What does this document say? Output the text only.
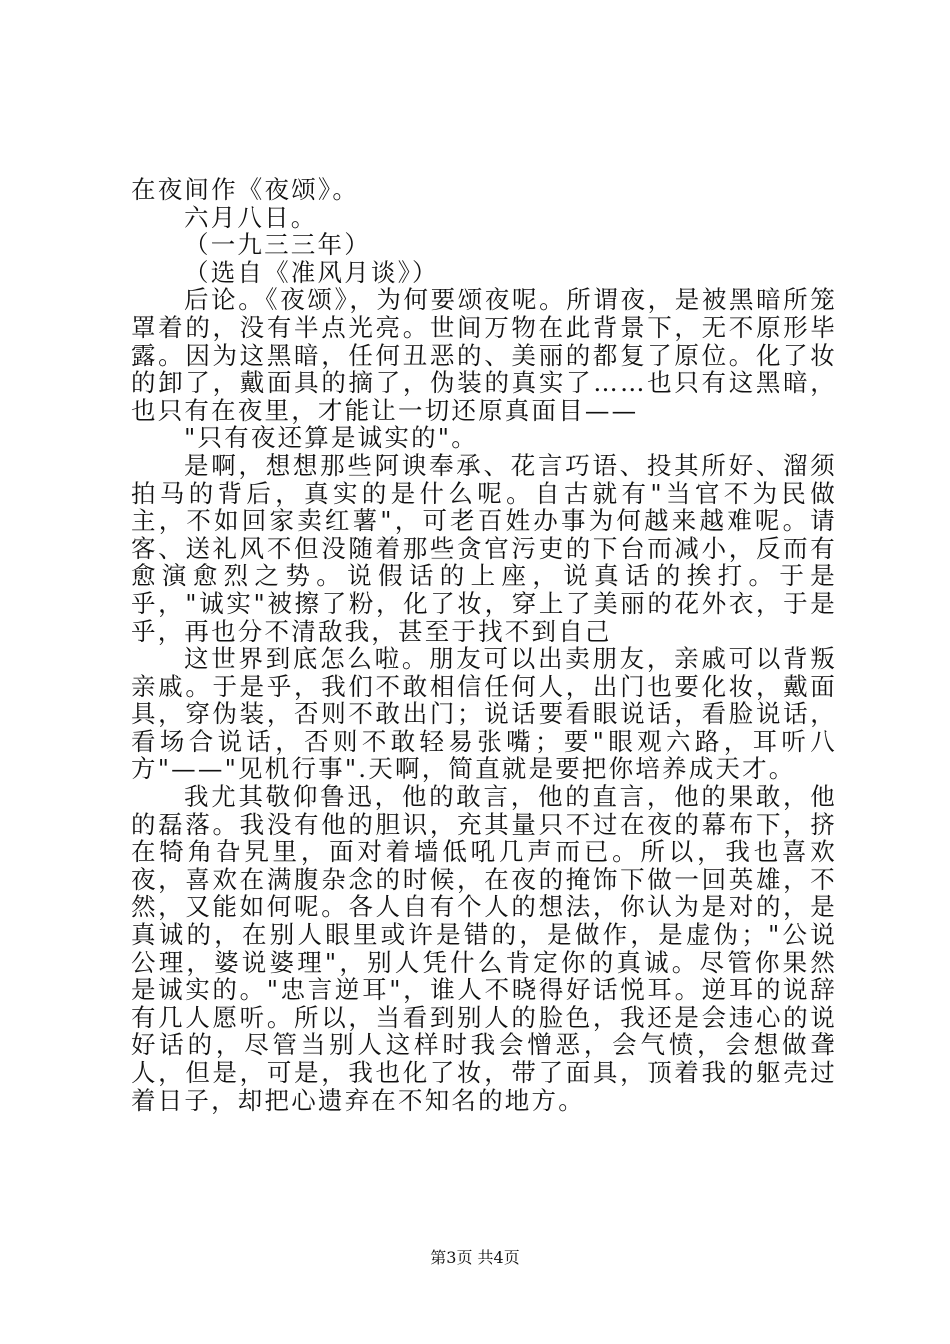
在夜间作《夜颂》。

六月八日。

（一九三三年）

（选自《准风月谈》）

后论。《夜颂》，为何要颂夜呢。所谓夜，是被黑暗所笼罩着的，没有半点光亮。世间万物在此背景下，无不原形毕露。因为这黑暗，任何丑恶的、美丽的都复了原位。化了妆的卸了，戴面具的摘了，伪装的真实了……也只有这黑暗，也只有在夜里，才能让一切还原真面目——

"只有夜还算是诚实的"。

是啊，想想那些阿谀奉承、花言巧语、投其所好、溜须拍马的背后，真实的是什么呢。自古就有"当官不为民做主，不如回家卖红薯"，可老百姓办事为何越来越难呢。请客、送礼风不但没随着那些贪官污吏的下台而减小，反而有愈演愈烈之势。说假话的上座，说真话的挨打。于是乎，"诚实"被擦了粉，化了妆，穿上了美丽的花外衣，于是乎，再也分不清敌我，甚至于找不到自己

这世界到底怎么啦。朋友可以出卖朋友，亲戚可以背叛亲戚。于是乎，我们不敢相信任何人，出门也要化妆，戴面具，穿伪装，否则不敢出门；说话要看眼说话，看脸说话，看场合说话，否则不敢轻易张嘴；要"眼观六路，耳听八方"——"见机行事".天啊，简直就是要把你培养成天才。

我尤其敬仰鲁迅，他的敢言，他的直言，他的果敢，他的磊落。我没有他的胆识，充其量只不过在夜的幕布下，挤在犄角旮旯里，面对着墙低吼几声而已。所以，我也喜欢夜，喜欢在满腹杂念的时候，在夜的掩饰下做一回英雄，不然，又能如何呢。各人自有个人的想法，你认为是对的，是真诚的，在别人眼里或许是错的，是做作，是虚伪；"公说公理，婆说婆理"，别人凭什么肯定你的真诚。尽管你果然是诚实的。"忠言逆耳"，谁人不晓得好话悦耳。逆耳的说辞有几人愿听。所以，当看到别人的脸色，我还是会违心的说好话的，尽管当别人这样时我会憎恶，会气愤，会想做聋人，但是，可是，我也化了妆，带了面具，顶着我的躯壳过着日子，却把心遗弃在不知名的地方。

第3页 共4页
